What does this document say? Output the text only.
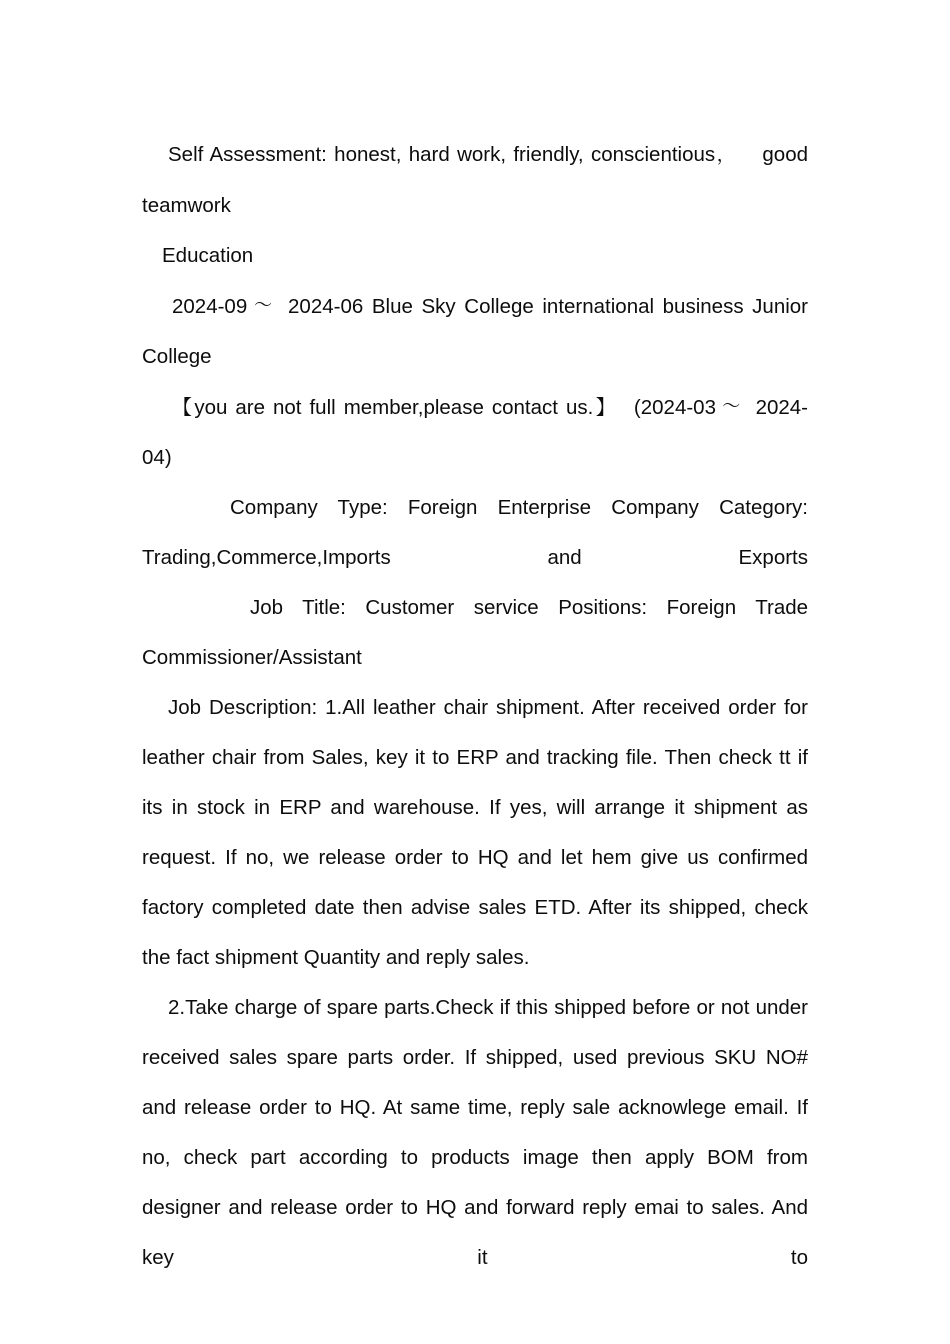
Self Assessment: honest, hard work, friendly, conscientious， good teamwork

Education

2024-09 〜 2024-06 Blue Sky College international business Junior College

【you are not full member,please contact us.】 (2024-03 〜 2024-04)

Company Type: Foreign Enterprise Company Category: Trading,Commerce,Imports and Exports

Job Title: Customer service Positions: Foreign Trade Commissioner/Assistant

Job Description: 1.All leather chair shipment. After received order for leather chair from Sales, key it to ERP and tracking file. Then check tt if its in stock in ERP and warehouse. If yes, will arrange it shipment as request. If no, we release order to HQ and let hem give us confirmed factory completed date then advise sales ETD. After its shipped, check the fact shipment Quantity and reply sales.

2.Take charge of spare parts.Check if this shipped before or not under received sales spare parts order. If shipped, used previous SKU NO# and release order to HQ. At same time, reply sale acknowlege email. If no, check part according to products image then apply BOM from designer and release order to HQ and forward reply emai to sales. And key it to
